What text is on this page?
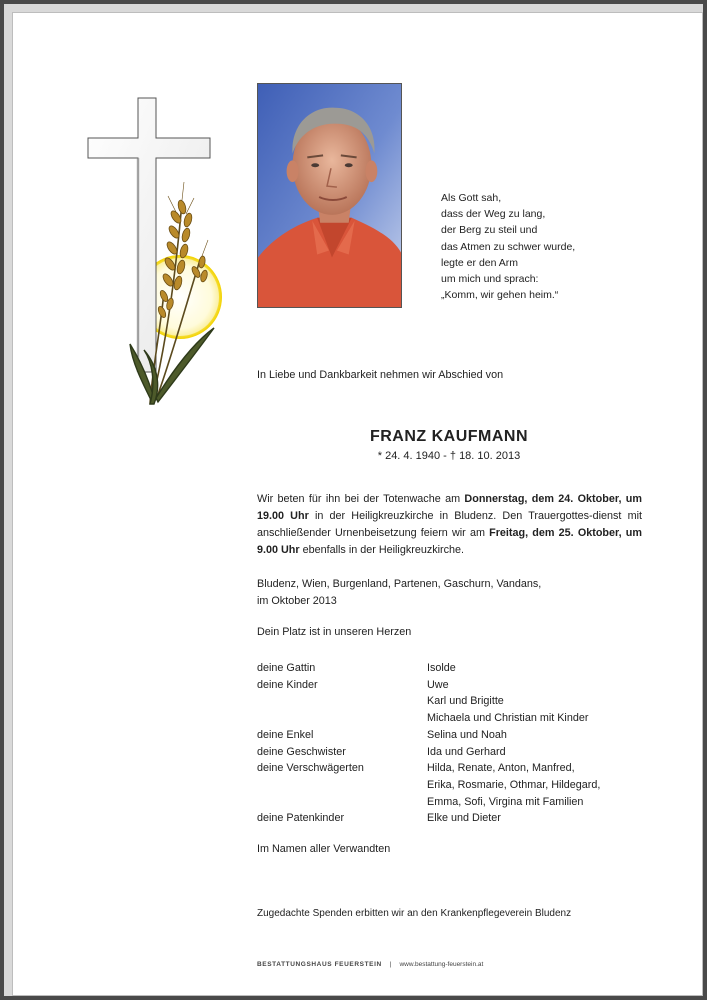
Als Gott sah,
dass der Weg zu lang,
der Berg zu steil und
das Atmen zu schwer wurde,
legte er den Arm
um mich und sprach:
„Komm, wir gehen heim.“
In Liebe und Dankbarkeit nehmen wir Abschied von
FRANZ KAUFMANN
* 24. 4. 1940 - † 18. 10. 2013
Wir beten für ihn bei der Totenwache am Donnerstag, dem 24. Oktober, um 19.00 Uhr in der Heiligkreuzkirche in Bludenz. Den Trauergottes-dienst mit anschließender Urnenbeisetzung feiern wir am Freitag, dem 25. Oktober, um 9.00 Uhr ebenfalls in der Heiligkreuzkirche.
Bludenz, Wien, Burgenland, Partenen, Gaschurn, Vandans,
im Oktober 2013
Dein Platz ist in unseren Herzen
deine Gattin	Isolde
deine Kinder	Uwe
Karl und Brigitte
Michaela und Christian mit Kinder
deine Enkel	Selina und Noah
deine Geschwister	Ida und Gerhard
deine Verschwägerten	Hilda, Renate, Anton, Manfred,
Erika, Rosmarie, Othmar, Hildegard,
Emma, Sofi, Virgina mit Familien
deine Patenkinder	Elke und Dieter
Im Namen aller Verwandten
Zugedachte Spenden erbitten wir an den Krankenpflegeverein Bludenz
BESTATTUNGSHAUS FEUERSTEIN | www.bestattung-feuerstein.at
